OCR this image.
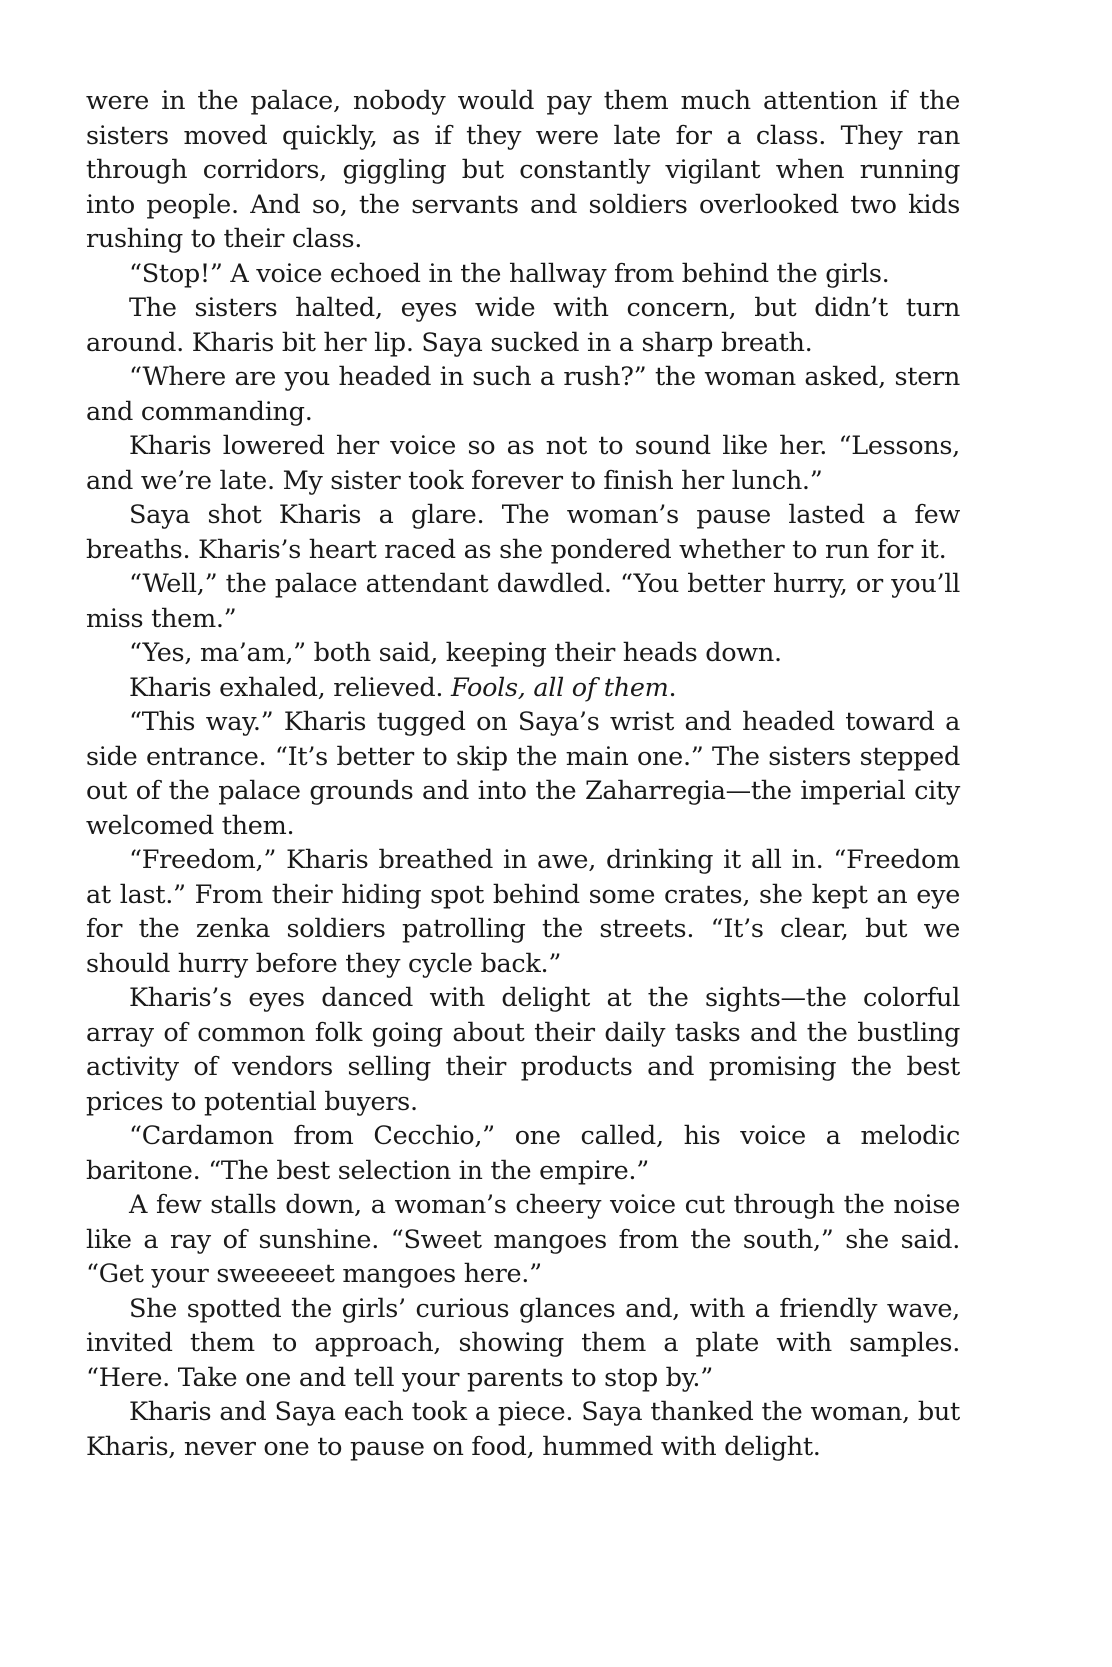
were in the palace, nobody would pay them much attention if the sisters moved quickly, as if they were late for a class. They ran through corridors, giggling but constantly vigilant when running into people. And so, the servants and soldiers overlooked two kids rushing to their class.

“Stop!” A voice echoed in the hallway from behind the girls.

The sisters halted, eyes wide with concern, but didn’t turn around. Kharis bit her lip. Saya sucked in a sharp breath.

“Where are you headed in such a rush?” the woman asked, stern and commanding.

Kharis lowered her voice so as not to sound like her. “Lessons, and we’re late. My sister took forever to finish her lunch.”

Saya shot Kharis a glare. The woman’s pause lasted a few breaths. Kharis’s heart raced as she pondered whether to run for it.

“Well,” the palace attendant dawdled. “You better hurry, or you’ll miss them.”

“Yes, ma’am,” both said, keeping their heads down.

Kharis exhaled, relieved. Fools, all of them.

“This way.” Kharis tugged on Saya’s wrist and headed toward a side entrance. “It’s better to skip the main one.” The sisters stepped out of the palace grounds and into the Zaharregia—the imperial city welcomed them.

“Freedom,” Kharis breathed in awe, drinking it all in. “Freedom at last.” From their hiding spot behind some crates, she kept an eye for the zenka soldiers patrolling the streets. “It’s clear, but we should hurry before they cycle back.”

Kharis’s eyes danced with delight at the sights—the colorful array of common folk going about their daily tasks and the bustling activity of vendors selling their products and promising the best prices to potential buyers.

“Cardamon from Cecchio,” one called, his voice a melodic baritone. “The best selection in the empire.”

A few stalls down, a woman’s cheery voice cut through the noise like a ray of sunshine. “Sweet mangoes from the south,” she said. “Get your sweeeeet mangoes here.”

She spotted the girls’ curious glances and, with a friendly wave, invited them to approach, showing them a plate with samples. “Here. Take one and tell your parents to stop by.”

Kharis and Saya each took a piece. Saya thanked the woman, but Kharis, never one to pause on food, hummed with delight.
